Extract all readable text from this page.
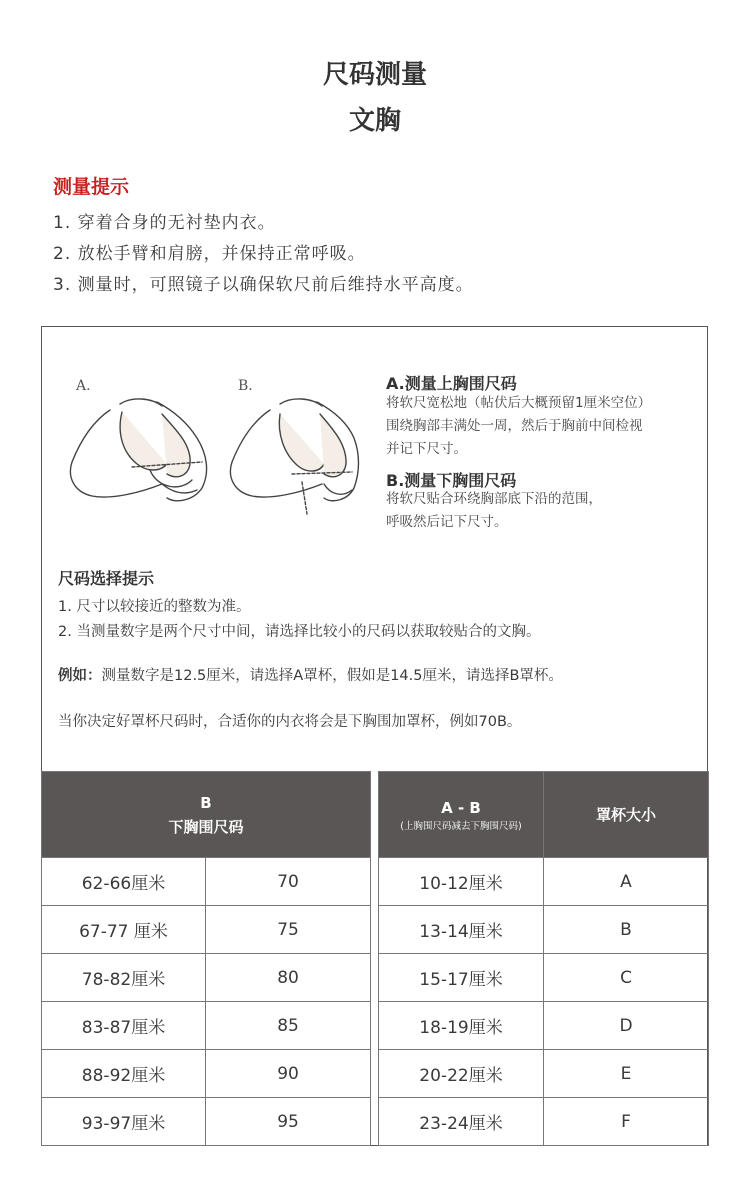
尺码测量
文胸
测量提示
1. 穿着合身的无衬垫内衣。
2. 放松手臂和肩膀，并保持正常呼吸。
3. 测量时，可照镜子以确保软尺前后维持水平高度。
A.	B.	A.测量上胸围尺码
将软尺宽松地（帖伏后大概预留1厘米空位）
围绕胸部丰满处一周，然后于胸前中间检视
并记下尺寸。
B.测量下胸围尺码
将软尺贴合环绕胸部底下沿的范围，
呼吸然后记下尺寸。
尺码选择提示
1. 尺寸以较接近的整数为准。
2. 当测量数字是两个尺寸中间，请选择比较小的尺码以获取较贴合的文胸。
例如：测量数字是12.5厘米，请选择A罩杯，假如是14.5厘米，请选择B罩杯。
当你决定好罩杯尺码时，合适你的内衣将会是下胸围加罩杯，例如70B。
B
下胸围尺码	
62-66厘米	70
67-77 厘米	75
78-82厘米	80
83-87厘米	85
88-92厘米	90
93-97厘米	95
A - B
(上胸围尺码减去下胸围尺码)	罩杯大小
10-12厘米	A
13-14厘米	B
15-17厘米	C
18-19厘米	D
20-22厘米	E
23-24厘米	F
